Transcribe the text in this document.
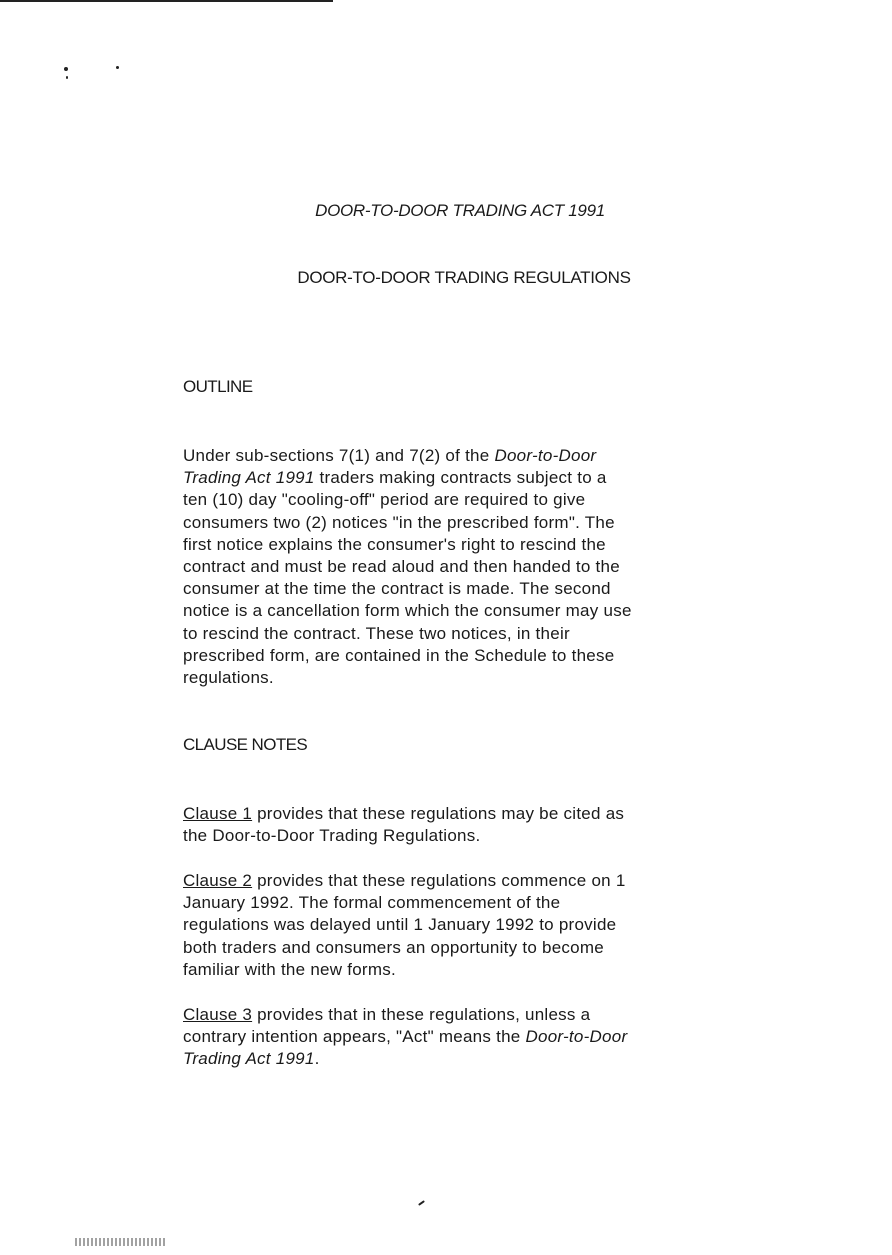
DOOR-TO-DOOR TRADING ACT 1991
DOOR-TO-DOOR TRADING REGULATIONS
OUTLINE

Under sub-sections 7(1) and 7(2) of the Door-to-Door
Trading Act 1991 traders making contracts subject to a
ten (10) day "cooling-off" period are required to give
consumers two (2) notices "in the prescribed form". The
first notice explains the consumer's right to rescind the
contract and must be read aloud and then handed to the
consumer at the time the contract is made. The second
notice is a cancellation form which the consumer may use
to rescind the contract. These two notices, in their
prescribed form, are contained in the Schedule to these
regulations.

CLAUSE NOTES

Clause 1 provides that these regulations may be cited as
the Door-to-Door Trading Regulations.

Clause 2 provides that these regulations commence on 1
January 1992. The formal commencement of the
regulations was delayed until 1 January 1992 to provide
both traders and consumers an opportunity to become
familiar with the new forms.

Clause 3 provides that in these regulations, unless a
contrary intention appears, "Act" means the Door-to-Door
Trading Act 1991.
